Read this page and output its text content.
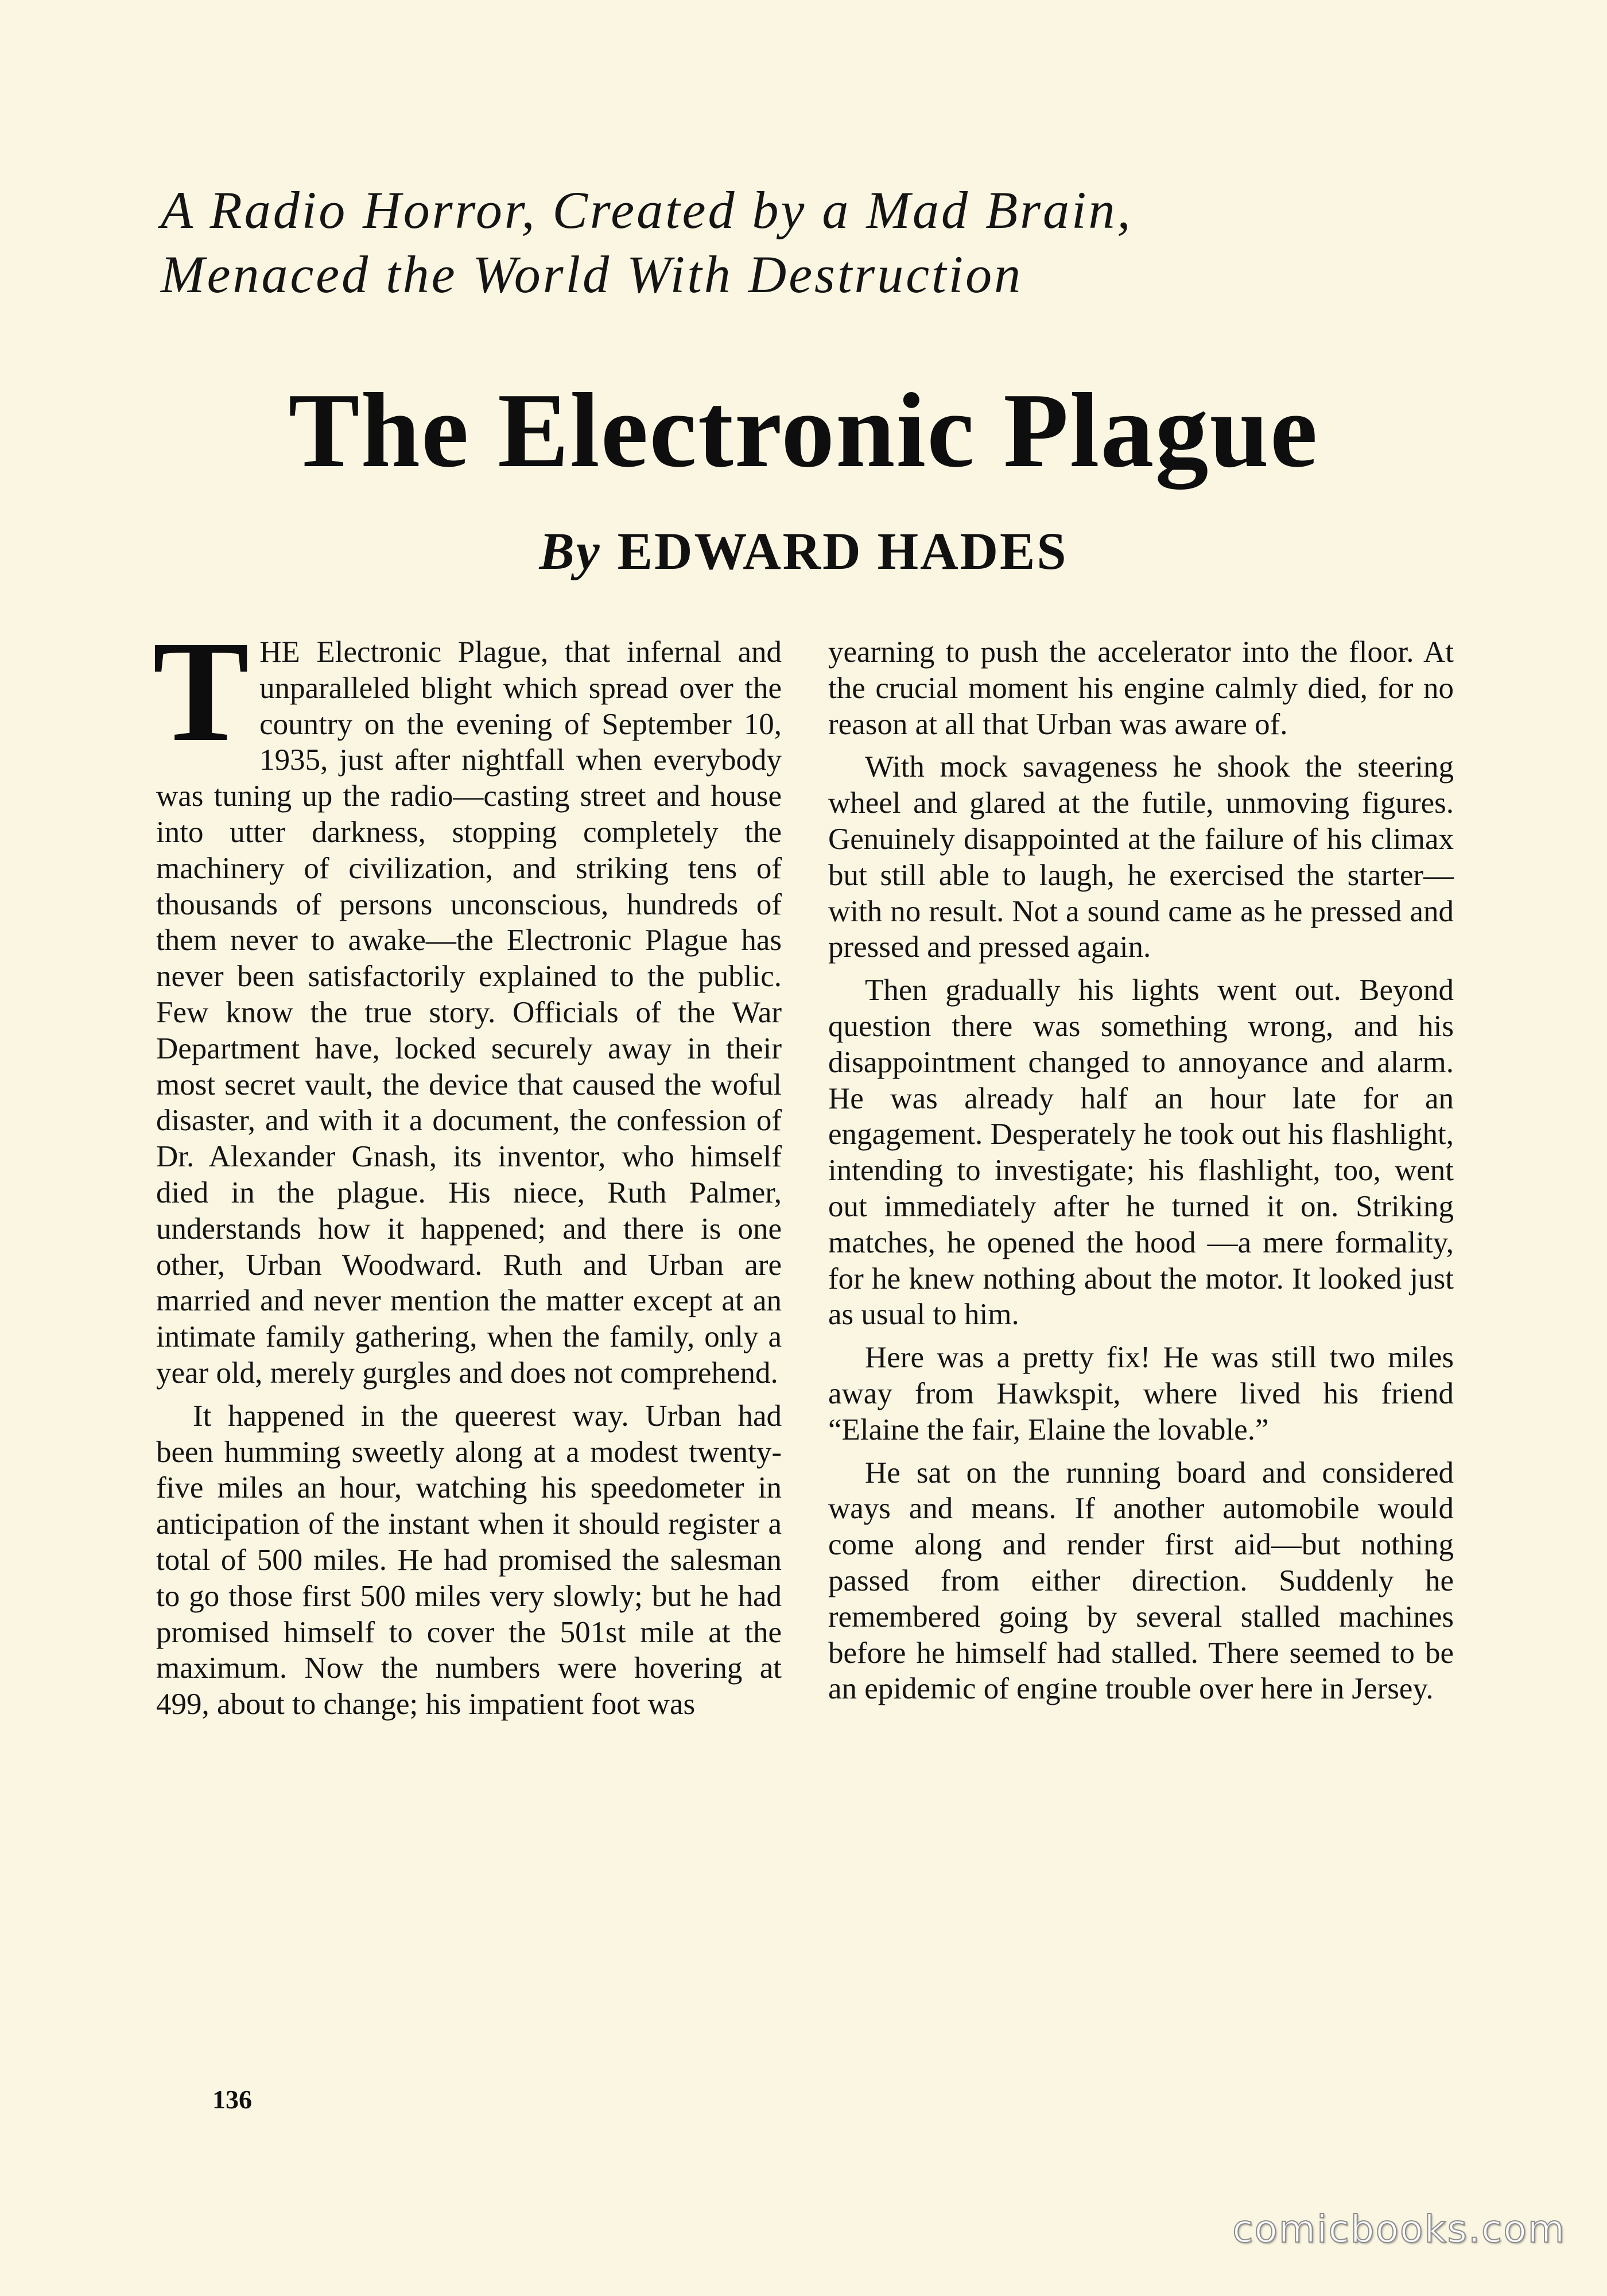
A Radio Horror, Created by a Mad Brain,
Menaced the World With Destruction
The Electronic Plague
By EDWARD HADES

THE Electronic Plague, that infernal and unparalleled blight which spread over the country on the evening of September 10, 1935, just after nightfall when everybody was tuning up the radio—casting street and house into utter darkness, stopping completely the machinery of civilization, and striking tens of thousands of persons unconscious, hundreds of them never to awake—the Electronic Plague has never been satisfactorily explained to the public. Few know the true story. Officials of the War Department have, locked securely away in their most secret vault, the device that caused the woful disaster, and with it a document, the confession of Dr. Alexander Gnash, its inventor, who himself died in the plague. His niece, Ruth Palmer, understands how it happened; and there is one other, Urban Woodward. Ruth and Urban are married and never mention the matter except at an intimate family gathering, when the family, only a year old, merely gurgles and does not comprehend.

It happened in the queerest way. Urban had been humming sweetly along at a modest twenty-five miles an hour, watching his speedometer in anticipation of the instant when it should register a total of 500 miles. He had promised the salesman to go those first 500 miles very slowly; but he had promised himself to cover the 501st mile at the maximum. Now the numbers were hovering at 499, about to change; his impatient foot was

yearning to push the accelerator into the floor. At the crucial moment his engine calmly died, for no reason at all that Urban was aware of.

With mock savageness he shook the steering wheel and glared at the futile, unmoving figures. Genuinely disappointed at the failure of his climax but still able to laugh, he exercised the starter—with no result. Not a sound came as he pressed and pressed and pressed again.

Then gradually his lights went out. Beyond question there was something wrong, and his disappointment changed to annoyance and alarm. He was already half an hour late for an engagement. Desperately he took out his flashlight, intending to investigate; his flashlight, too, went out immediately after he turned it on. Striking matches, he opened the hood —a mere formality, for he knew nothing about the motor. It looked just as usual to him.

Here was a pretty fix! He was still two miles away from Hawkspit, where lived his friend “Elaine the fair, Elaine the lovable.”

He sat on the running board and considered ways and means. If another automobile would come along and render first aid—but nothing passed from either direction. Suddenly he remembered going by several stalled machines before he himself had stalled. There seemed to be an epidemic of engine trouble over here in Jersey.

136
comicbooks.com
